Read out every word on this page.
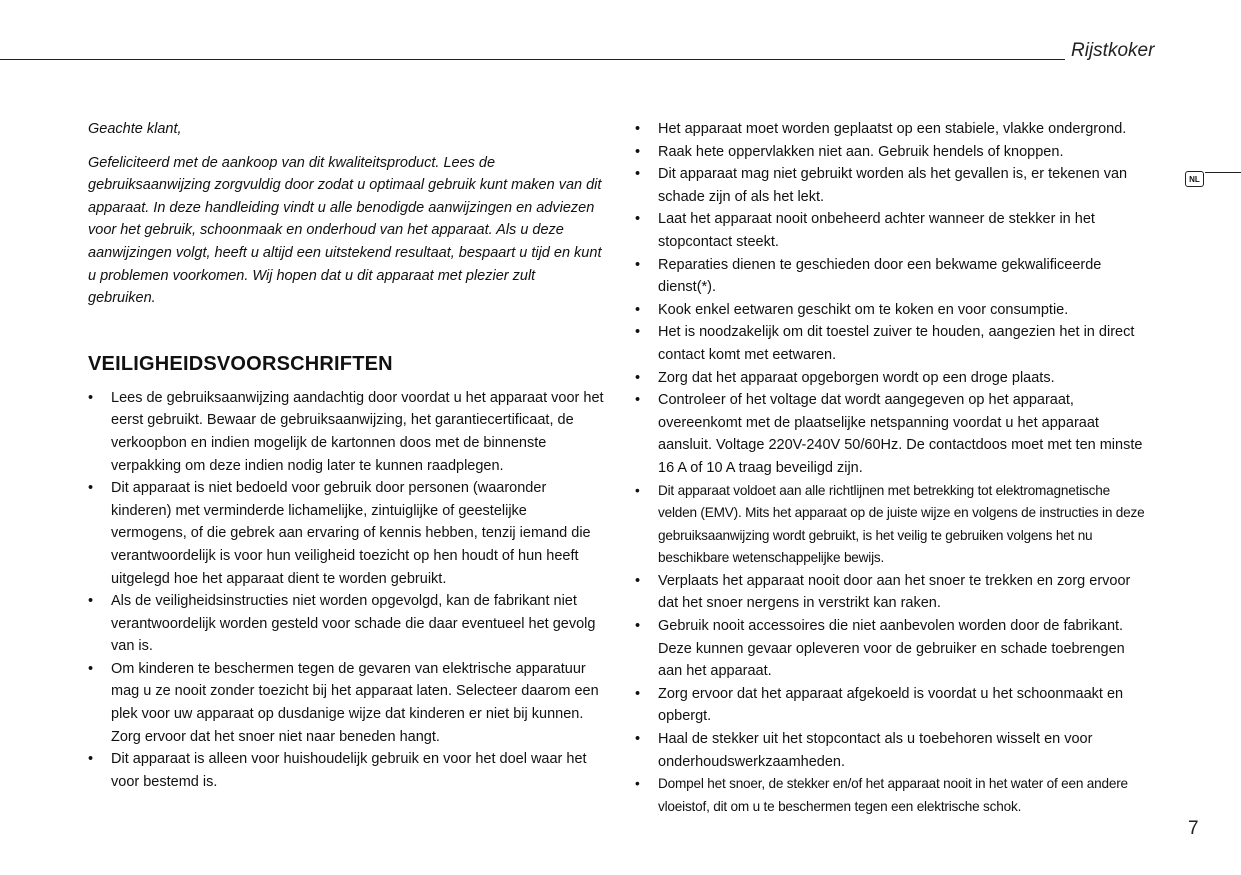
Rijstkoker
NL

Geachte klant,

Gefeliciteerd met de aankoop van dit kwaliteitsproduct. Lees de gebruiksaanwijzing zorgvuldig door zodat u optimaal gebruik kunt maken van dit apparaat. In deze handleiding vindt u alle benodigde aanwijzingen en adviezen voor het gebruik, schoonmaak en onderhoud van het apparaat. Als u deze aanwijzingen volgt, heeft u altijd een uitstekend resultaat, bespaart u tijd en kunt u problemen voorkomen. Wij hopen dat u dit apparaat met plezier zult gebruiken.

VEILIGHEIDSVOORSCHRIFTEN
• Lees de gebruiksaanwijzing aandachtig door voordat u het apparaat voor het eerst gebruikt. Bewaar de gebruiksaanwijzing, het garantiecertificaat, de verkoopbon en indien mogelijk de kartonnen doos met de binnenste verpakking om deze indien nodig later te kunnen raadplegen.
• Dit apparaat is niet bedoeld voor gebruik door personen (waaronder kinderen) met verminderde lichamelijke, zintuiglijke of geestelijke vermogens, of die gebrek aan ervaring of kennis hebben, tenzij iemand die verantwoordelijk is voor hun veiligheid toezicht op hen houdt of hun heeft uitgelegd hoe het apparaat dient te worden gebruikt.
• Als de veiligheidsinstructies niet worden opgevolgd, kan de fabrikant niet verantwoordelijk worden gesteld voor schade die daar eventueel het gevolg van is.
• Om kinderen te beschermen tegen de gevaren van elektrische apparatuur mag u ze nooit zonder toezicht bij het apparaat laten. Selecteer daarom een plek voor uw apparaat op dusdanige wijze dat kinderen er niet bij kunnen. Zorg ervoor dat het snoer niet naar beneden hangt.
• Dit apparaat is alleen voor huishoudelijk gebruik en voor het doel waar het voor bestemd is.
• Het apparaat moet worden geplaatst op een stabiele, vlakke ondergrond.
• Raak hete oppervlakken niet aan. Gebruik hendels of knoppen.
• Dit apparaat mag niet gebruikt worden als het gevallen is, er tekenen van schade zijn of als het lekt.
• Laat het apparaat nooit onbeheerd achter wanneer de stekker in het stopcontact steekt.
• Reparaties dienen te geschieden door een bekwame gekwalificeerde dienst(*).
• Kook enkel eetwaren geschikt om te koken en voor consumptie.
• Het is noodzakelijk om dit toestel zuiver te houden, aangezien het in direct contact komt met eetwaren.
• Zorg dat het apparaat opgeborgen wordt op een droge plaats.
• Controleer of het voltage dat wordt aangegeven op het apparaat, overeenkomt met de plaatselijke netspanning voordat u het apparaat aansluit. Voltage 220V-240V 50/60Hz. De contactdoos moet met ten minste 16 A of 10 A traag beveiligd zijn.
• Dit apparaat voldoet aan alle richtlijnen met betrekking tot elektromagnetische velden (EMV). Mits het apparaat op de juiste wijze en volgens de instructies in deze gebruiksaanwijzing wordt gebruikt, is het veilig te gebruiken volgens het nu beschikbare wetenschappelijke bewijs.
• Verplaats het apparaat nooit door aan het snoer te trekken en zorg ervoor dat het snoer nergens in verstrikt kan raken.
• Gebruik nooit accessoires die niet aanbevolen worden door de fabrikant. Deze kunnen gevaar opleveren voor de gebruiker en schade toebrengen aan het apparaat.
• Zorg ervoor dat het apparaat afgekoeld is voordat u het schoonmaakt en opbergt.
• Haal de stekker uit het stopcontact als u toebehoren wisselt en voor onderhoudswerkzaamheden.
• Dompel het snoer, de stekker en/of het apparaat nooit in het water of een andere vloeistof, dit om u te beschermen tegen een elektrische schok.
7
